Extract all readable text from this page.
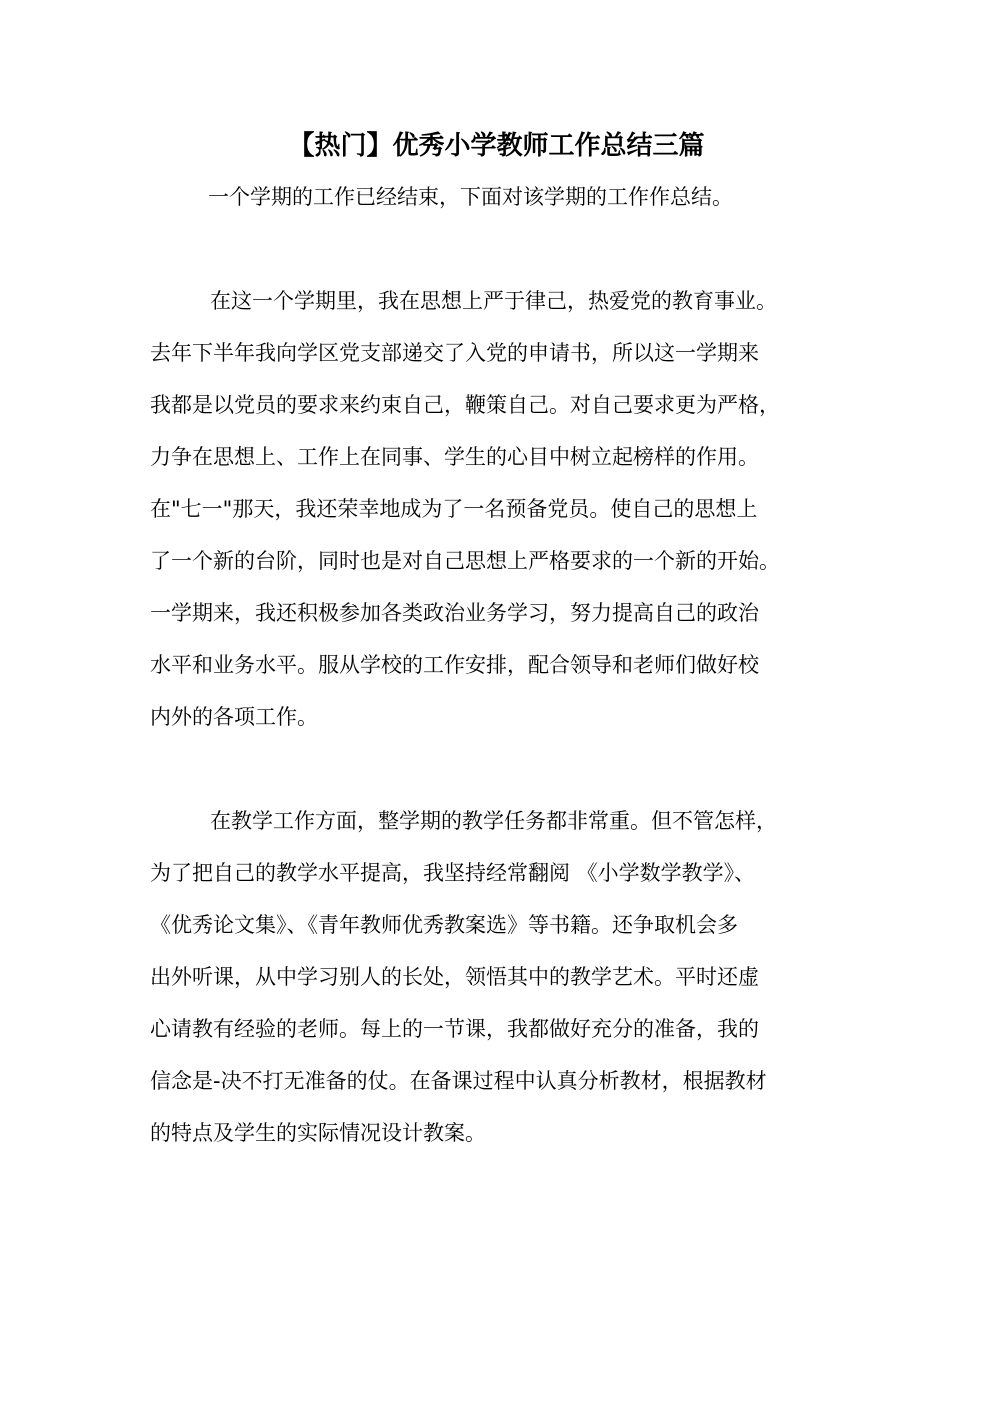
【热门】优秀小学教师工作总结三篇

一个学期的工作已经结束，下面对该学期的工作作总结。

在这一个学期里，我在思想上严于律己，热爱党的教育事业。
去年下半年我向学区党支部递交了入党的申请书，所以这一学期来
我都是以党员的要求来约束自己，鞭策自己。对自己要求更为严格，
力争在思想上、工作上在同事、学生的心目中树立起榜样的作用。
在"七一"那天，我还荣幸地成为了一名预备党员。使自己的思想上
了一个新的台阶，同时也是对自己思想上严格要求的一个新的开始。
一学期来，我还积极参加各类政治业务学习，努力提高自己的政治
水平和业务水平。服从学校的工作安排，配合领导和老师们做好校
内外的各项工作。
在教学工作方面，整学期的教学任务都非常重。但不管怎样，
为了把自己的教学水平提高，我坚持经常翻阅 《小学数学教学》、
《优秀论文集》、《青年教师优秀教案选》等书籍。还争取机会多
出外听课，从中学习别人的长处，领悟其中的教学艺术。平时还虚
心请教有经验的老师。每上的一节课，我都做好充分的准备，我的
信念是-决不打无准备的仗。在备课过程中认真分析教材，根据教材
的特点及学生的实际情况设计教案。
